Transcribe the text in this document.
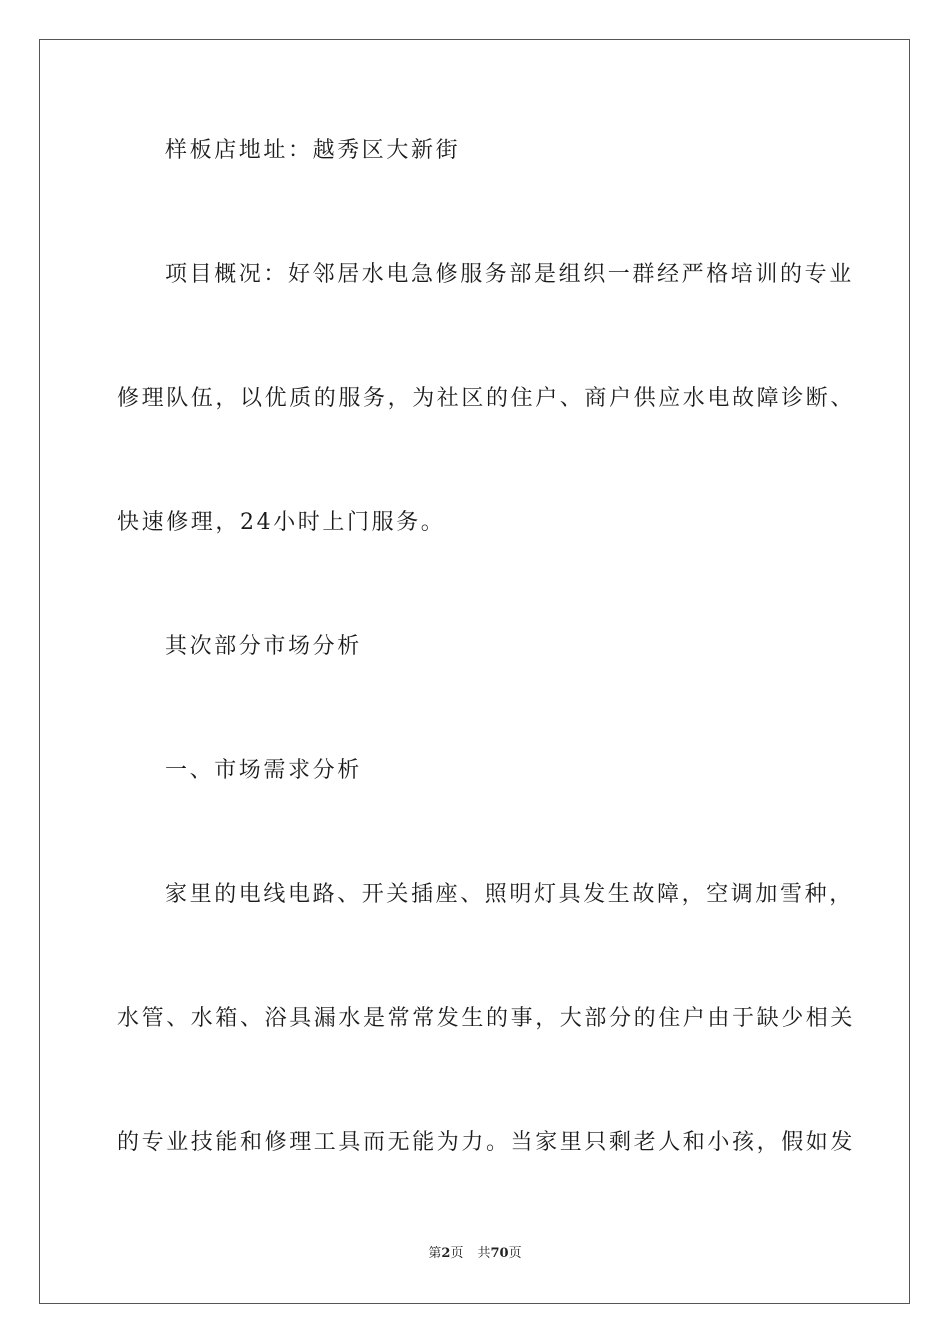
样板店地址：越秀区大新街
项目概况：好邻居水电急修服务部是组织一群经严格培训的专业
修理队伍，以优质的服务，为社区的住户、商户供应水电故障诊断、
快速修理，24小时上门服务。
其次部分市场分析
一、市场需求分析
家里的电线电路、开关插座、照明灯具发生故障，空调加雪种，
水管、水箱、浴具漏水是常常发生的事，大部分的住户由于缺少相关
的专业技能和修理工具而无能为力。当家里只剩老人和小孩，假如发
第2页 共70页
